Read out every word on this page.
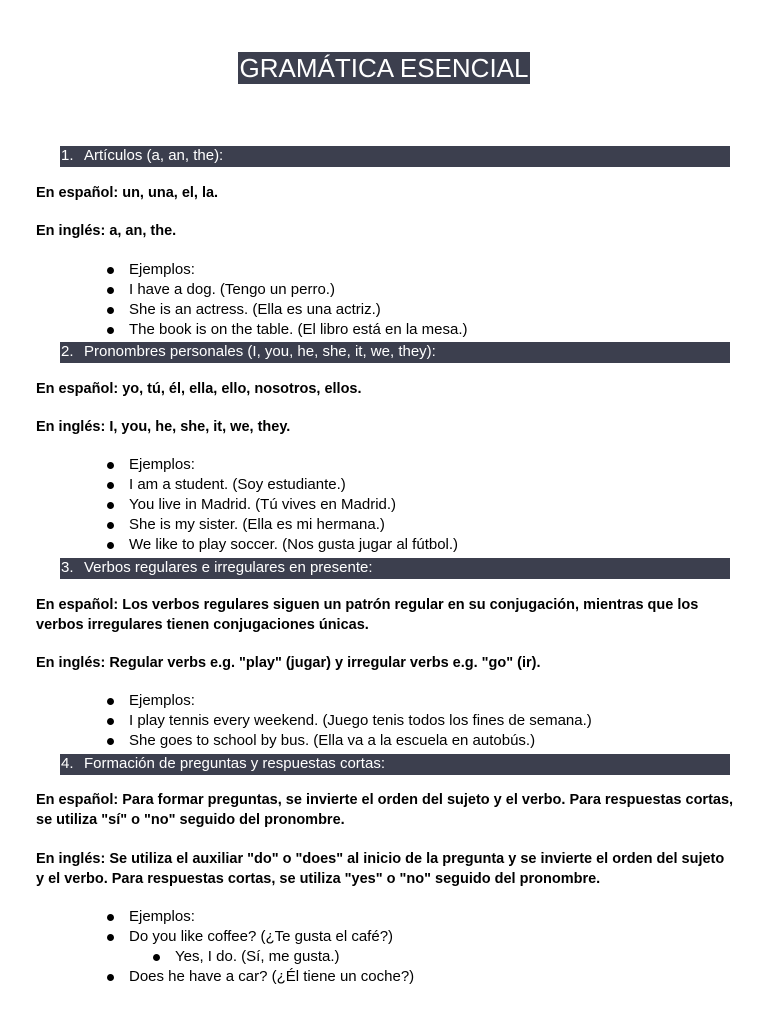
GRAMÁTICA ESENCIAL
1. Artículos (a, an, the):

En español: un, una, el, la.

En inglés: a, an, the.

Ejemplos:
I have a dog. (Tengo un perro.)
She is an actress. (Ella es una actriz.)
The book is on the table. (El libro está en la mesa.)
2. Pronombres personales (I, you, he, she, it, we, they):

En español: yo, tú, él, ella, ello, nosotros, ellos.

En inglés: I, you, he, she, it, we, they.

Ejemplos:
I am a student. (Soy estudiante.)
You live in Madrid. (Tú vives en Madrid.)
She is my sister. (Ella es mi hermana.)
We like to play soccer. (Nos gusta jugar al fútbol.)
3. Verbos regulares e irregulares en presente:

En español: Los verbos regulares siguen un patrón regular en su conjugación, mientras que los verbos irregulares tienen conjugaciones únicas.

En inglés: Regular verbs e.g. "play" (jugar) y irregular verbs e.g. "go" (ir).

Ejemplos:
I play tennis every weekend. (Juego tenis todos los fines de semana.)
She goes to school by bus. (Ella va a la escuela en autobús.)
4. Formación de preguntas y respuestas cortas:

En español: Para formar preguntas, se invierte el orden del sujeto y el verbo. Para respuestas cortas, se utiliza "sí" o "no" seguido del pronombre.

En inglés: Se utiliza el auxiliar "do" o "does" al inicio de la pregunta y se invierte el orden del sujeto y el verbo. Para respuestas cortas, se utiliza "yes" o "no" seguido del pronombre.

Ejemplos:
Do you like coffee? (¿Te gusta el café?)
Yes, I do. (Sí, me gusta.)
Does he have a car? (¿Él tiene un coche?)
